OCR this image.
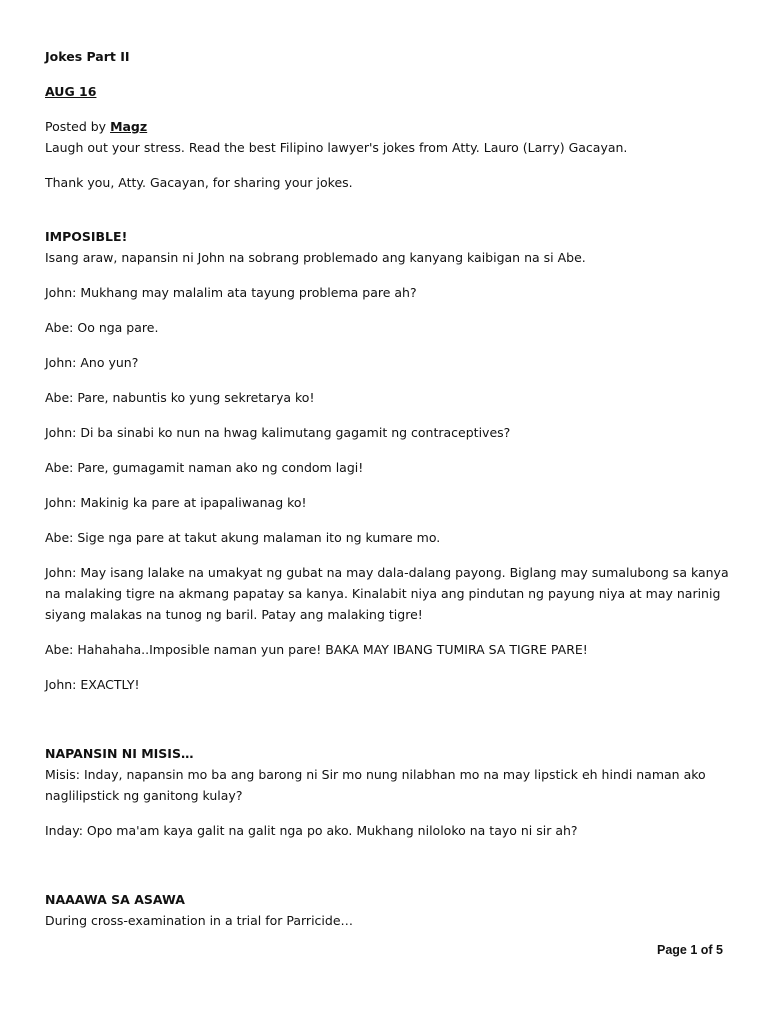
Jokes Part II

AUG 16

Posted by Magz

Laugh out your stress. Read the best Filipino lawyer's jokes from Atty. Lauro (Larry) Gacayan.

Thank you, Atty. Gacayan, for sharing your jokes.

IMPOSIBLE!

Isang araw, napansin ni John na sobrang problemado ang kanyang kaibigan na si Abe.

John: Mukhang may malalim ata tayung problema pare ah?

Abe: Oo nga pare.

John: Ano yun?

Abe: Pare, nabuntis ko yung sekretarya ko!

John: Di ba sinabi ko nun na hwag kalimutang gagamit ng contraceptives?

Abe: Pare, gumagamit naman ako ng condom lagi!

John: Makinig ka pare at ipapaliwanag ko!

Abe: Sige nga pare at takut akung malaman ito ng kumare mo.

John: May isang lalake na umakyat ng gubat na may dala-dalang payong. Biglang may sumalubong sa kanya na malaking tigre na akmang papatay sa kanya. Kinalabit niya ang pindutan ng payung niya at may narinig siyang malakas na tunog ng baril. Patay ang malaking tigre!

Abe: Hahahaha..Imposible naman yun pare! BAKA MAY IBANG TUMIRA SA TIGRE PARE!

John: EXACTLY!

NAPANSIN NI MISIS…

Misis: Inday, napansin mo ba ang barong ni Sir mo nung nilabhan mo na may lipstick eh hindi naman ako naglilipstick ng ganitong kulay?

Inday: Opo ma'am kaya galit na galit nga po ako. Mukhang niloloko na tayo ni sir ah?

NAAAWA SA ASAWA

During cross-examination in a trial for Parricide…

Page 1 of 5
